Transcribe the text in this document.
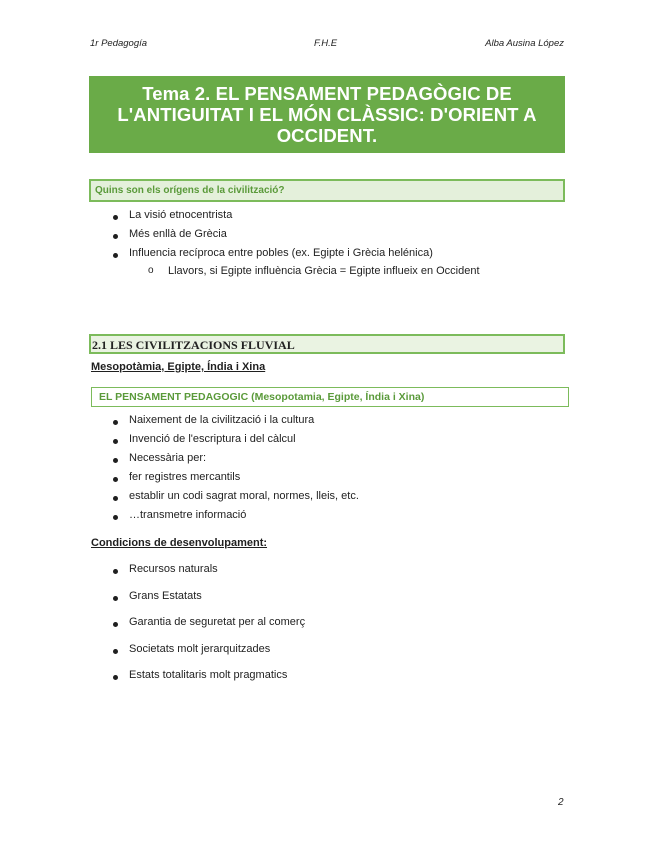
1r Pedagogía	F.H.E	Alba Ausina López
Tema 2. EL PENSAMENT PEDAGÒGIC DE L'ANTIGUITAT I EL MÓN CLÀSSIC: D'ORIENT A OCCIDENT.
Quins son els orígens de la civilització?
La visió etnocentrista
Més enllà de Grècia
Influencia recíproca entre pobles (ex. Egipte i Grècia helénica)
o Llavors, si Egipte influència Grècia = Egipte influeix en Occident
2.1 LES CIVILITZACIONS FLUVIAL
Mesopotàmia, Egipte, Índia i Xina
EL PENSAMENT PEDAGOGIC (Mesopotamia, Egipte, Índia i Xina)
Naixement de la civilització i la cultura
Invenció de l'escriptura i del càlcul
Necessària per:
fer registres mercantils
establir un codi sagrat moral, normes, lleis, etc.
…transmetre informació
Condicions de desenvolupament:
Recursos naturals
Grans Estatats
Garantia de seguretat per al comerç
Societats molt jerarquitzades
Estats totalitaris molt pragmatics
2
